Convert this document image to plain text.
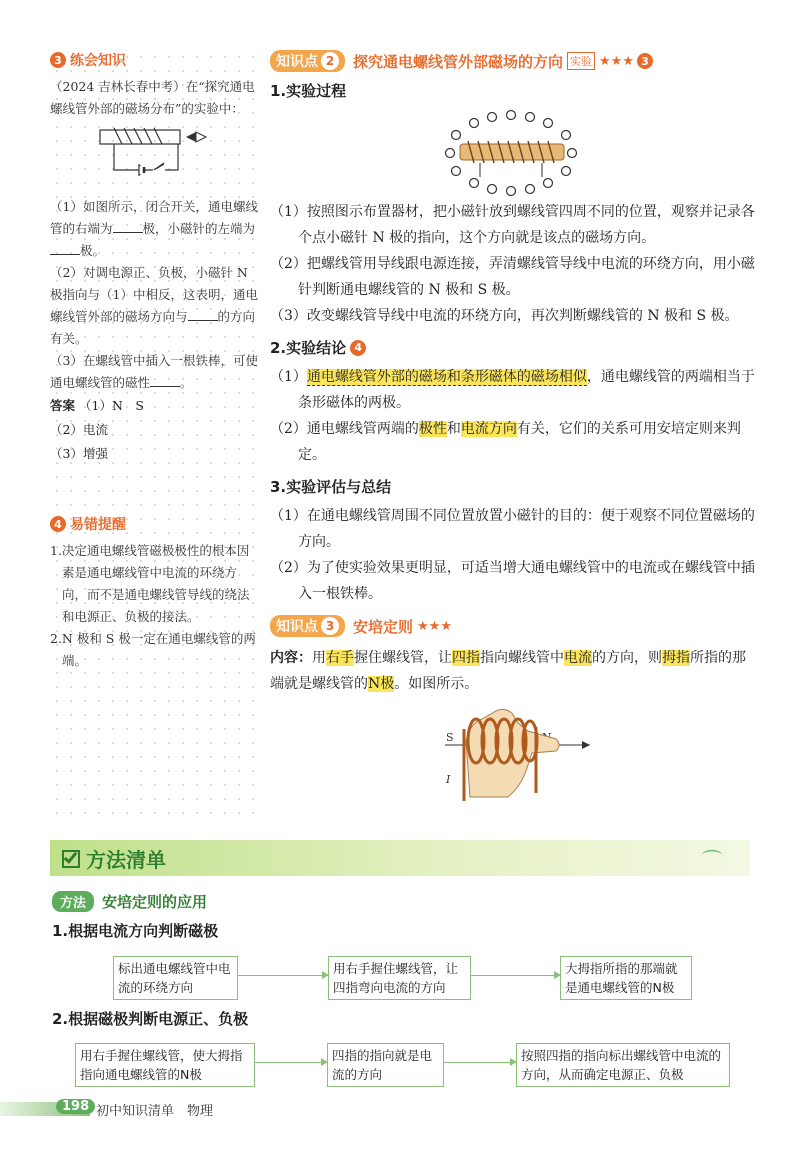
3 练会知识
（2024 吉林长春中考）在“探究通电螺线管外部的磁场分布”的实验中：
（1）如图所示，闭合开关，通电螺线管的右端为 极，小磁针的左端为极。
（2）对调电源正、负极，小磁针 N 极指向与（1）中相反，这表明，通电螺线管外部的磁场方向与 的方向有关。
（3）在螺线管中插入一根铁棒，可使通电螺线管的磁性 。
答案 （1）N　S
（2）电流
（3）增强
4 易错提醒
1.决定通电螺线管磁极极性的根本因素是通电螺线管中电流的环绕方向，而不是通电螺线管导线的绕法和电源正、负极的接法。
2.N 极和 S 极一定在通电螺线管的两端。
知识点 2	探究通电螺线管外部磁场的方向 实验 ★★★ 3
1.实验过程
（1）按照图示布置器材，把小磁针放到螺线管四周不同的位置，观察并记录各个点小磁针 N 极的指向，这个方向就是该点的磁场方向。
（2）把螺线管用导线跟电源连接，弄清螺线管导线中电流的环绕方向，用小磁针判断通电螺线管的 N 极和 S 极。
（3）改变螺线管导线中电流的环绕方向，再次判断螺线管的 N 极和 S 极。
2.实验结论 4
（1）通电螺线管外部的磁场和条形磁体的磁场相似，通电螺线管的两端相当于条形磁体的两极。
（2）通电螺线管两端的极性和电流方向有关，它们的关系可用安培定则来判定。
3.实验评估与总结
（1）在通电螺线管周围不同位置放置小磁针的目的：便于观察不同位置磁场的方向。
（2）为了使实验效果更明显，可适当增大通电螺线管中的电流或在螺线管中插入一根铁棒。
知识点 3	安培定则 ★★★
内容：用右手握住螺线管，让四指指向螺线管中电流的方向，则拇指所指的那端就是螺线管的N极。如图所示。
S
I
方法清单	⌒
方法	安培定则的应用
1.根据电流方向判断磁极
标出通电螺线管中电流的环绕方向
用右手握住螺线管，让四指弯向电流的方向
大拇指所指的那端就是通电螺线管的N极
2.根据磁极判断电源正、负极
用右手握住螺线管，使大拇指指向通电螺线管的N极
四指的指向就是电流的方向
按照四指的指向标出螺线管中电流的方向，从而确定电源正、负极
198 初中知识清单　物理
